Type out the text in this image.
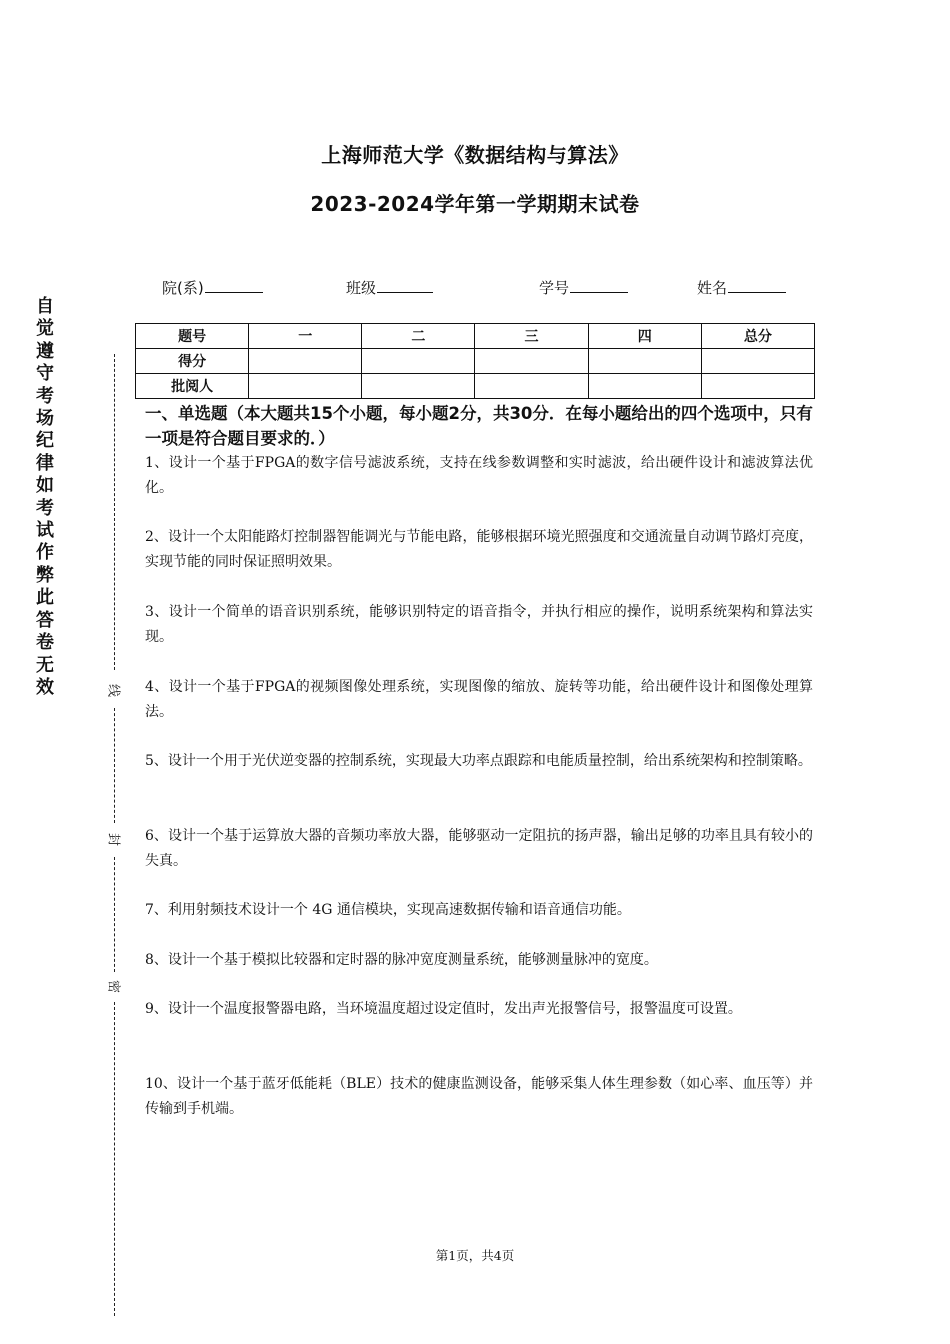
上海师范大学《数据结构与算法》
2023-2024学年第一学期期末试卷
院(系)	班级	学号	姓名
题号	一	二	三	四	总分
得分					
批阅人					
自觉遵守考场纪律如考试作弊此答卷无效	线
封
密
一、单选题（本大题共15个小题，每小题2分，共30分．在每小题给出的四个选项中，只有一项是符合题目要求的．）
1、设计一个基于FPGA的数字信号滤波系统，支持在线参数调整和实时滤波，给出硬件设计和滤波算法优化。
2、设计一个太阳能路灯控制器智能调光与节能电路，能够根据环境光照强度和交通流量自动调节路灯亮度，实现节能的同时保证照明效果。
3、设计一个简单的语音识别系统，能够识别特定的语音指令，并执行相应的操作，说明系统架构和算法实现。
4、设计一个基于FPGA的视频图像处理系统，实现图像的缩放、旋转等功能，给出硬件设计和图像处理算法。
5、设计一个用于光伏逆变器的控制系统，实现最大功率点跟踪和电能质量控制，给出系统架构和控制策略。
6、设计一个基于运算放大器的音频功率放大器，能够驱动一定阻抗的扬声器，输出足够的功率且具有较小的失真。
7、利用射频技术设计一个 4G 通信模块，实现高速数据传输和语音通信功能。
8、设计一个基于模拟比较器和定时器的脉冲宽度测量系统，能够测量脉冲的宽度。
9、设计一个温度报警器电路，当环境温度超过设定值时，发出声光报警信号，报警温度可设置。
10、设计一个基于蓝牙低能耗（BLE）技术的健康监测设备，能够采集人体生理参数（如心率、血压等）并传输到手机端。
第1页，共4页
